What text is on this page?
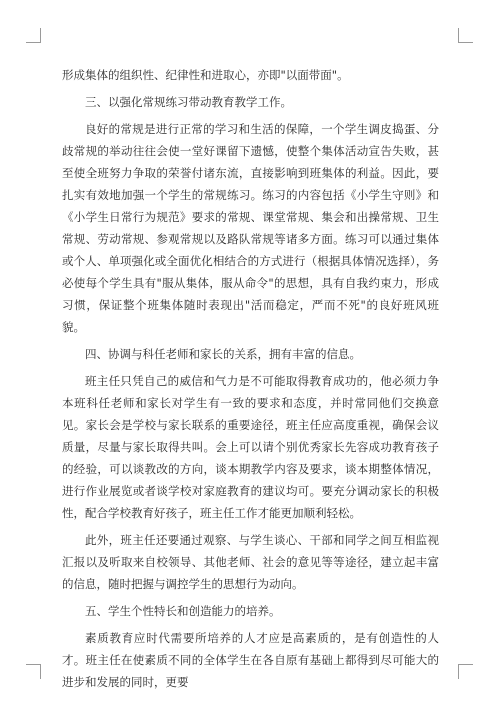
形成集体的组织性、纪律性和进取心，亦即"以面带面"。

三、以强化常规练习带动教育教学工作。

良好的常规是进行正常的学习和生活的保障，一个学生调皮捣蛋、分歧常规的举动往往会使一堂好课留下遗憾，使整个集体活动宣告失败，甚至使全班努力争取的荣誉付诸东流，直接影响到班集体的利益。因此，要扎实有效地加强一个学生的常规练习。练习的内容包括《小学生守则》和《小学生日常行为规范》要求的常规、课堂常规、集会和出操常规、卫生常规、劳动常规、参观常规以及路队常规等诸多方面。练习可以通过集体或个人、单项强化或全面优化相结合的方式进行（根据具体情况选择），务必使每个学生具有"服从集体，服从命令"的思想，具有自我约束力，形成习惯，保证整个班集体随时表现出"活而稳定，严而不死"的良好班风班貌。

四、协调与科任老师和家长的关系，拥有丰富的信息。

班主任只凭自己的威信和气力是不可能取得教育成功的，他必须力争本班科任老师和家长对学生有一致的要求和态度，并时常同他们交换意见。家长会是学校与家长联系的重要途径，班主任应高度重视，确保会议质量，尽量与家长取得共叫。会上可以请个别优秀家长先容成功教育孩子的经验，可以谈教改的方向，谈本期教学内容及要求，谈本期整体情况，进行作业展览或者谈学校对家庭教育的建议均可。要充分调动家长的积极性，配合学校教育好孩子，班主任工作才能更加顺利轻松。

此外，班主任还要通过观察、与学生谈心、干部和同学之间互相监视汇报以及听取来自校领导、其他老师、社会的意见等等途径，建立起丰富的信息，随时把握与调控学生的思想行为动向。

五、学生个性特长和创造能力的培养。

素质教育应时代需要所培养的人才应是高素质的，是有创造性的人才。班主任在使素质不同的全体学生在各自原有基础上都得到尽可能大的进步和发展的同时，更要
